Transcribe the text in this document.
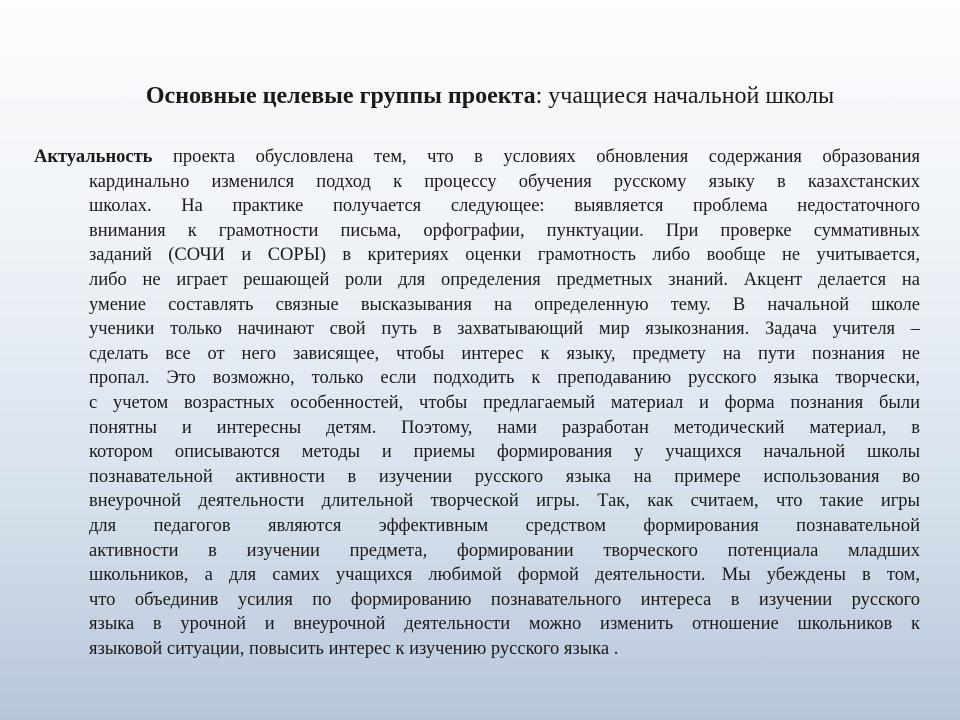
Основные целевые группы проекта: учащиеся начальной школы
Актуальность проекта обусловлена тем, что в условиях обновления содержания образования
кардинально изменился подход к процессу обучения русскому языку в казахстанских
школах. На практике получается следующее: выявляется проблема недостаточного
внимания к грамотности письма, орфографии, пунктуации. При проверке суммативных
заданий (СОЧИ и СОРЫ) в критериях оценки грамотность либо вообще не учитывается,
либо не играет решающей роли для определения предметных знаний. Акцент делается на
умение составлять связные высказывания на определенную тему. В начальной школе
ученики только начинают свой путь в захватывающий мир языкознания. Задача учителя –
сделать все от него зависящее, чтобы интерес к языку, предмету на пути познания не
пропал. Это возможно, только если подходить к преподаванию русского языка творчески,
с учетом возрастных особенностей, чтобы предлагаемый материал и форма познания были
понятны и интересны детям. Поэтому, нами разработан методический материал, в
котором описываются методы и приемы формирования у учащихся начальной школы
познавательной активности в изучении русского языка на примере использования во
внеурочной деятельности длительной творческой игры. Так, как считаем, что такие игры
для педагогов являются эффективным средством формирования познавательной
активности в изучении предмета, формировании творческого потенциала младших
школьников, а для самих учащихся любимой формой деятельности. Мы убеждены в том,
что объединив усилия по формированию познавательного интереса в изучении русского
языка в урочной и внеурочной деятельности можно изменить отношение школьников к
языковой ситуации, повысить интерес к изучению русского языка .
